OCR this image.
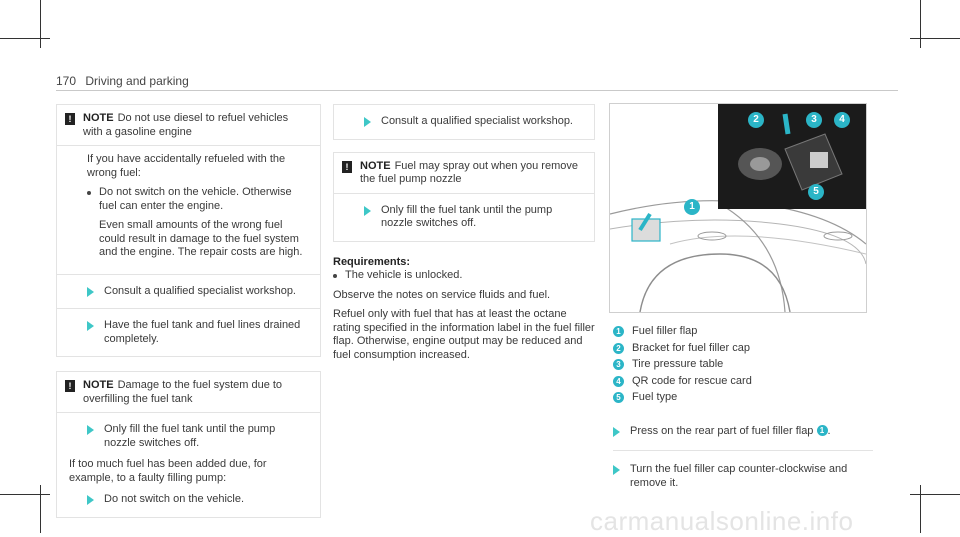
170 Driving and parking
!	NOTE Do not use diesel to refuel vehicles with a gasoline engine

If you have accidentally refueled with the wrong fuel:

Do not switch on the vehicle. Otherwise fuel can enter the engine.

Even small amounts of the wrong fuel could result in damage to the fuel system and the engine. The repair costs are high.

Consult a qualified specialist workshop.
Have the fuel tank and fuel lines drained completely.
!	NOTE Damage to the fuel system due to overfilling the fuel tank
Only fill the fuel tank until the pump nozzle switches off.

If too much fuel has been added due, for example, to a faulty filling pump:

Do not switch on the vehicle.
Consult a qualified specialist workshop.
!	NOTE Fuel may spray out when you remove the fuel pump nozzle
Only fill the fuel tank until the pump nozzle switches off.
Requirements:
The vehicle is unlocked.

Observe the notes on service fluids and fuel.

Refuel only with fuel that has at least the octane rating specified in the information label in the fuel filler flap. Otherwise, engine output may be reduced and fuel consumption increased.

1
2	3	4
5
1 Fuel filler flap
2 Bracket for fuel filler cap
3 Tire pressure table
4 QR code for rescue card
5 Fuel type
Press on the rear part of fuel filler flap 1 .
Turn the fuel filler cap counter-clockwise and remove it.
carmanualsonline.info
